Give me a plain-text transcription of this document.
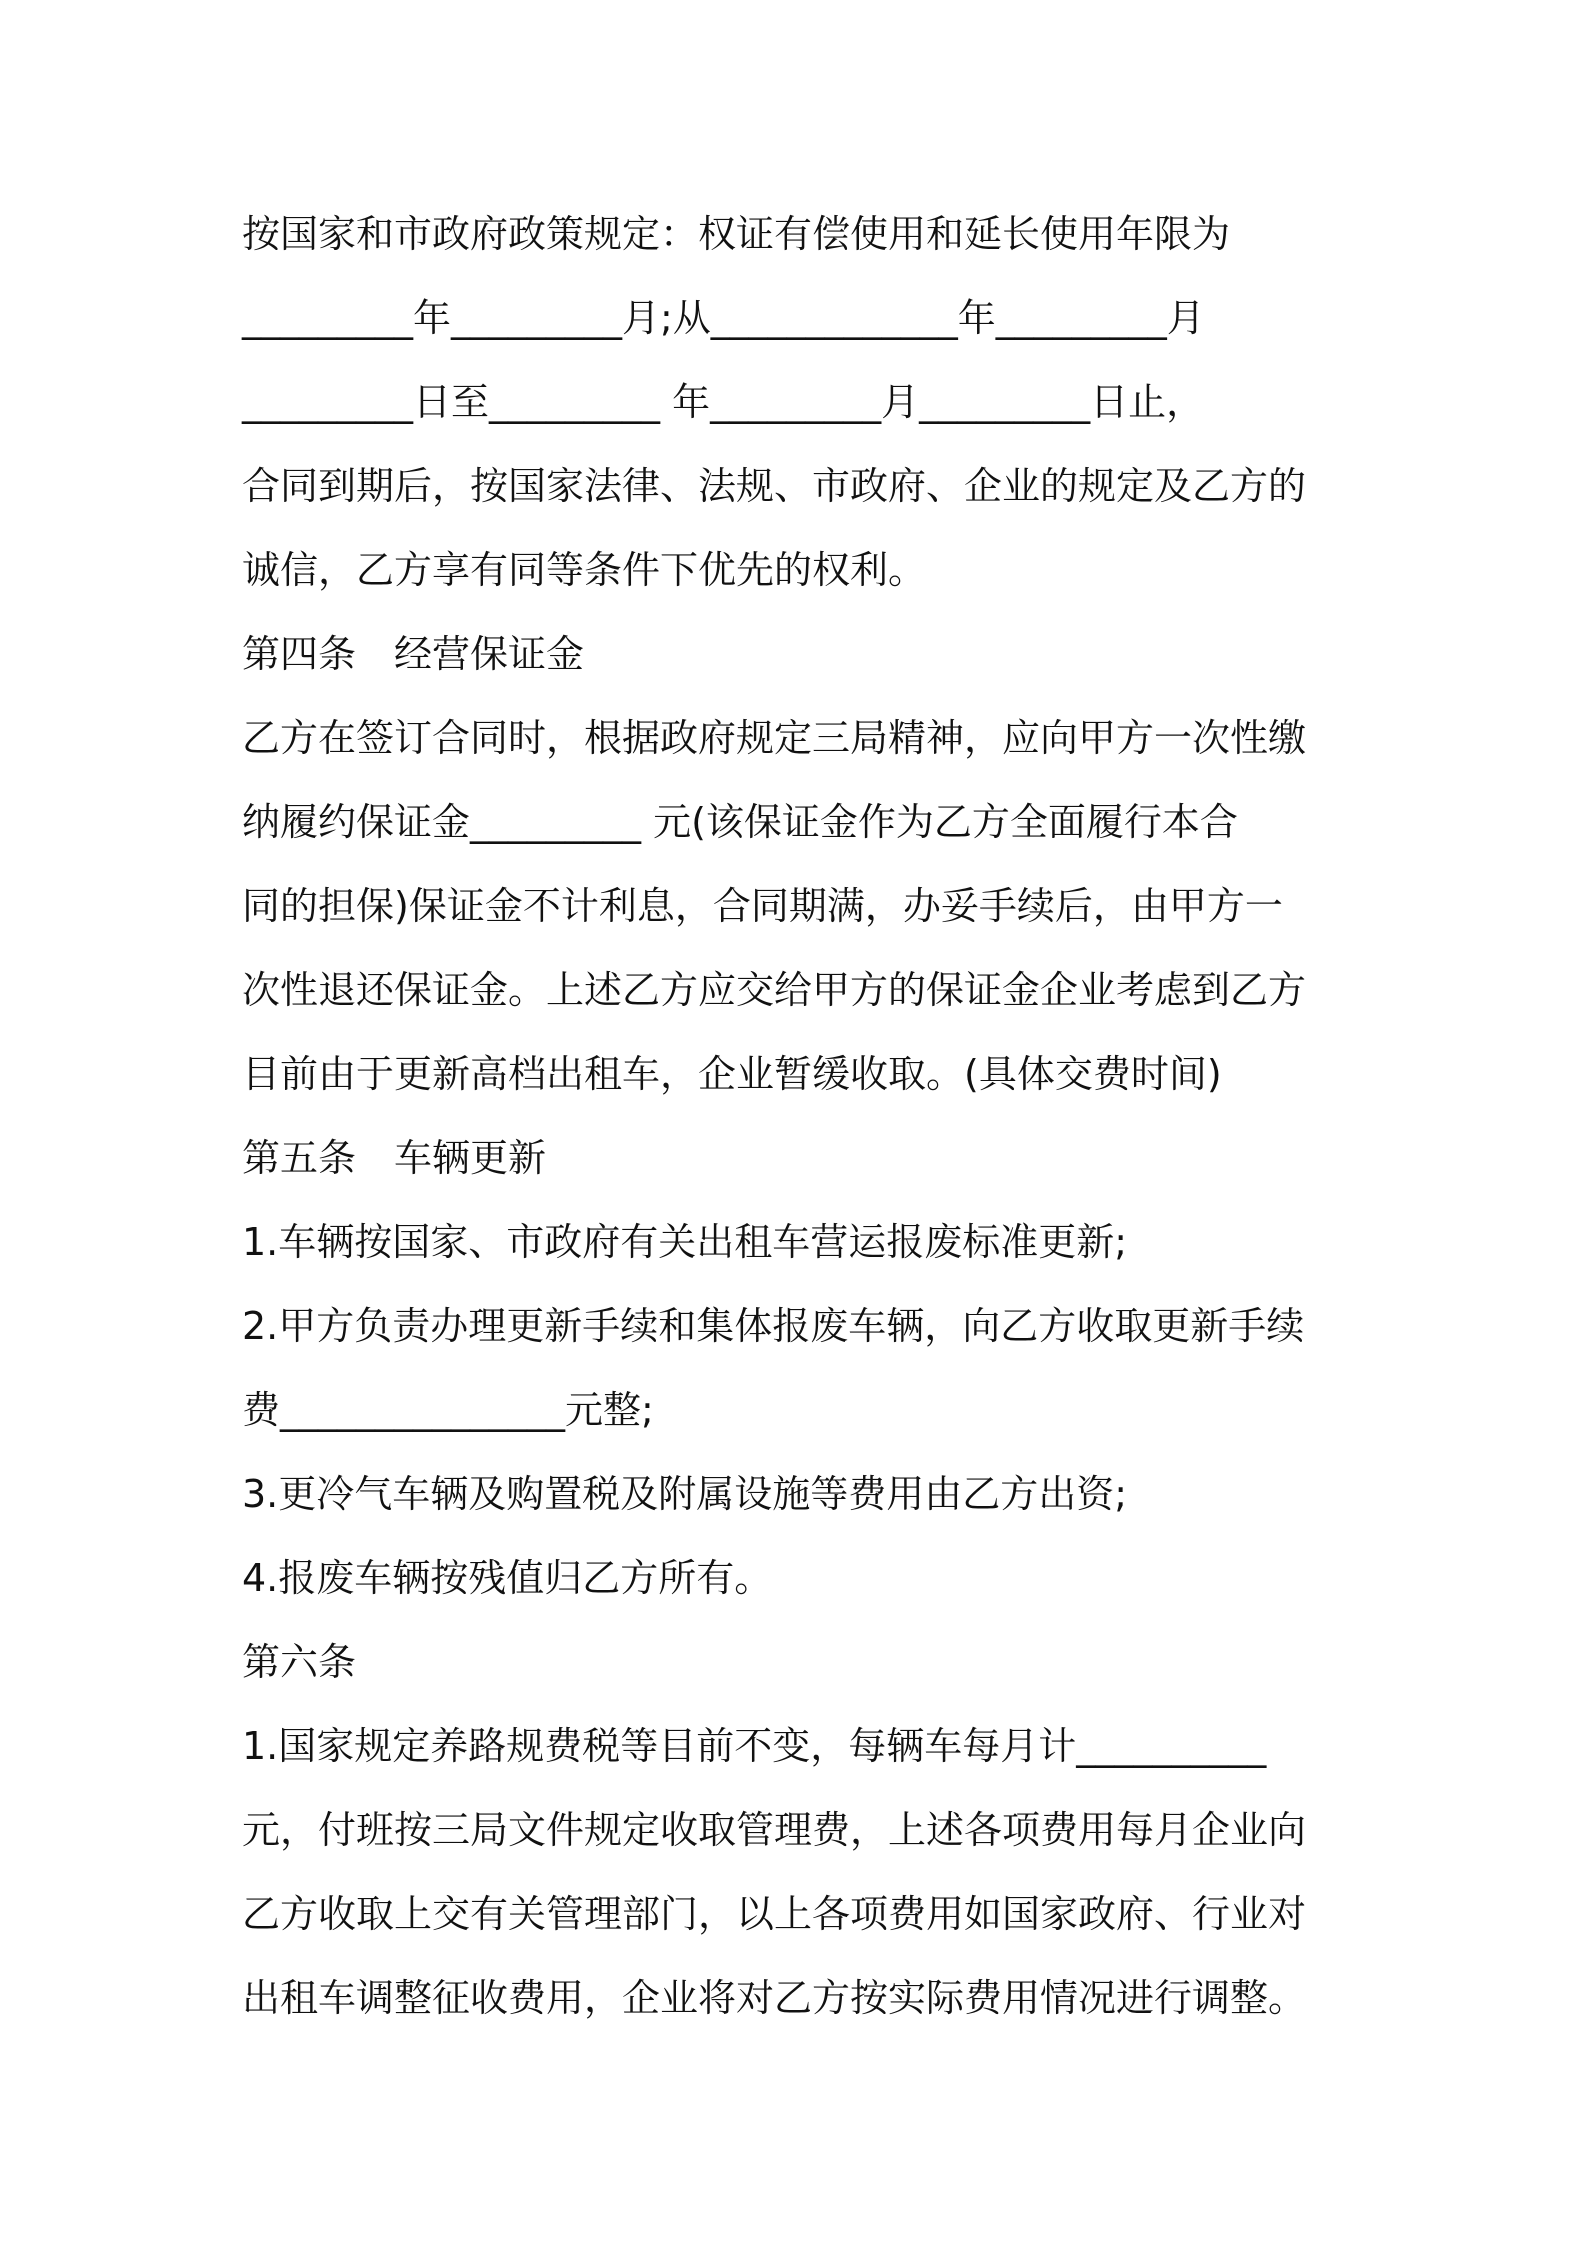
按国家和市政府政策规定：权证有偿使用和延长使用年限为
_________年_________月;从_____________年_________月
_________日至_________ 年_________月_________日止，
合同到期后，按国家法律、法规、市政府、企业的规定及乙方的
诚信，乙方享有同等条件下优先的权利。
第四条　经营保证金
乙方在签订合同时，根据政府规定三局精神，应向甲方一次性缴
纳履约保证金_________ 元(该保证金作为乙方全面履行本合
同的担保)保证金不计利息，合同期满，办妥手续后，由甲方一
次性退还保证金。上述乙方应交给甲方的保证金企业考虑到乙方
目前由于更新高档出租车，企业暂缓收取。(具体交费时间)
第五条　车辆更新
1.车辆按国家、市政府有关出租车营运报废标准更新;
2.甲方负责办理更新手续和集体报废车辆，向乙方收取更新手续
费_______________元整;
3.更冷气车辆及购置税及附属设施等费用由乙方出资;
4.报废车辆按残值归乙方所有。
第六条
1.国家规定养路规费税等目前不变，每辆车每月计__________
元，付班按三局文件规定收取管理费，上述各项费用每月企业向
乙方收取上交有关管理部门，以上各项费用如国家政府、行业对
出租车调整征收费用，企业将对乙方按实际费用情况进行调整。
